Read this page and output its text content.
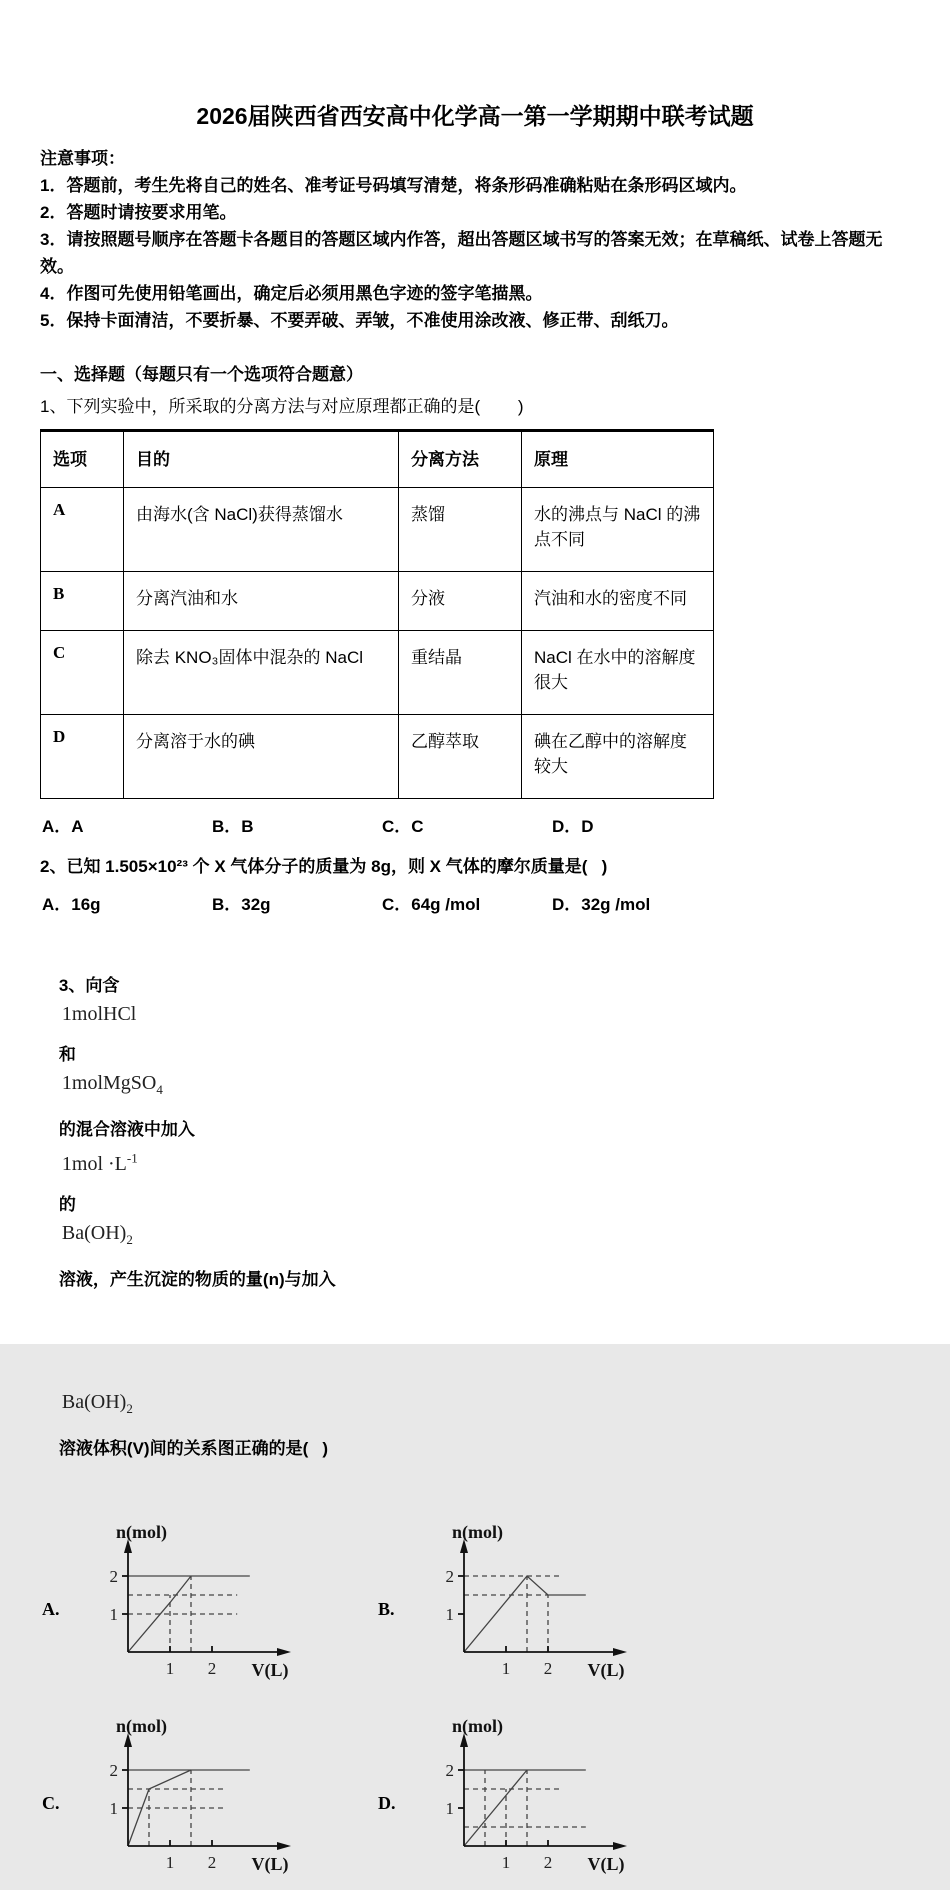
2026届陕西省西安高中化学高一第一学期期中联考试题

注意事项：

1．答题前，考生先将自己的姓名、准考证号码填写清楚，将条形码准确粘贴在条形码区域内。

2．答题时请按要求用笔。

3．请按照题号顺序在答题卡各题目的答题区域内作答，超出答题区域书写的答案无效；在草稿纸、试卷上答题无效。

4．作图可先使用铅笔画出，确定后必须用黑色字迹的签字笔描黑。

5．保持卡面清洁，不要折暴、不要弄破、弄皱，不准使用涂改液、修正带、刮纸刀。

一、选择题（每题只有一个选项符合题意）

1、下列实验中，所采取的分离方法与对应原理都正确的是(        )

选项	目的	分离方法	原理
A	由海水(含 NaCl)获得蒸馏水	蒸馏	水的沸点与 NaCl 的沸点不同
B	分离汽油和水	分液	汽油和水的密度不同
C	除去 KNO₃固体中混杂的 NaCl	重结晶	NaCl 在水中的溶解度很大
D	分离溶于水的碘	乙醇萃取	碘在乙醇中的溶解度较大
A．A	B．B	C．C	D．D

2、已知 1.505×10²³ 个 X 气体分子的质量为 8g，则 X 气体的摩尔质量是(   )

A．16g	B．32g	C．64g /mol	D．32g /mol

3、向含
1molHCl
和
1molMgSO$_4$
的混合溶液中加入
$1mol \cdot L^{-1}$
的
$Ba(OH)_2$
溶液，产生沉淀的物质的量(n)与加入

$Ba(OH)_2$
溶液体积(V)间的关系图正确的是(   )

A.	1
2
1 2
n(mol)
V(L)
B.	1
2
1 2
n(mol)
V(L)
C.	1
2
1 2
n(mol)
V(L)
D.	1
2
1 2
n(mol)
V(L)
